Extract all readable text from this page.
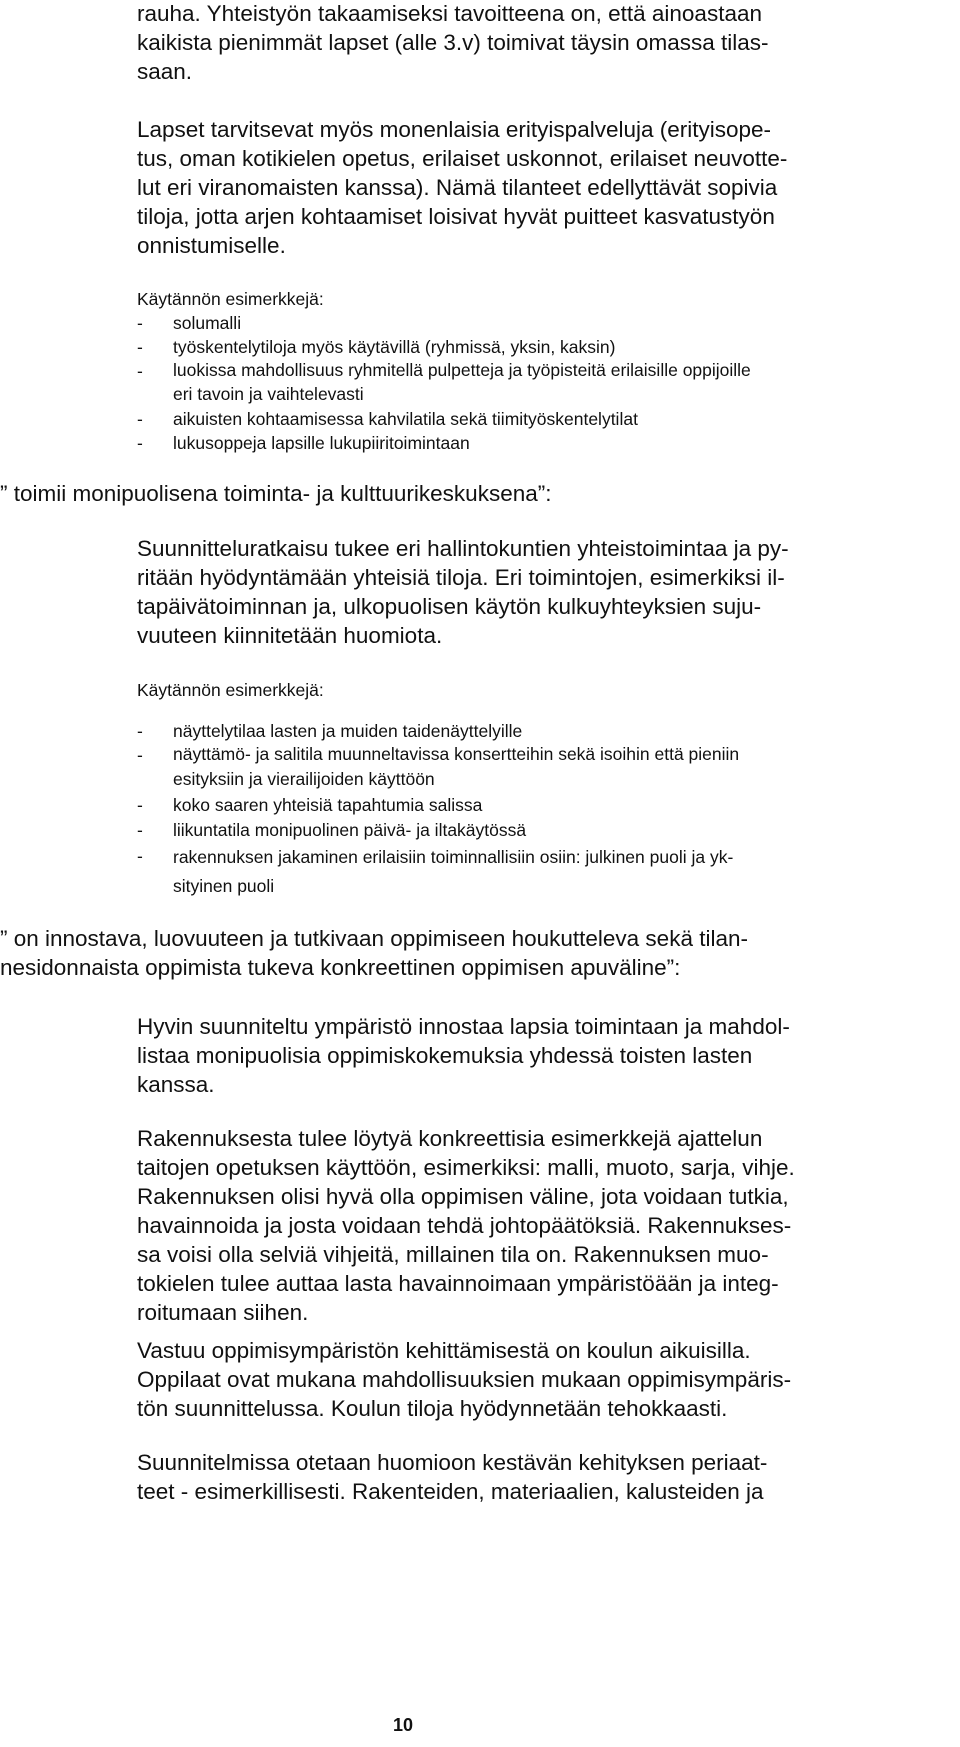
rauha. Yhteistyön takaamiseksi tavoitteena on, että ainoastaan
kaikista pienimmät lapset (alle 3.v) toimivat täysin omassa tilas-
saan.
Lapset tarvitsevat myös monenlaisia erityispalveluja (erityisope-
tus, oman kotikielen opetus, erilaiset uskonnot, erilaiset neuvotte-
lut eri viranomaisten kanssa). Nämä tilanteet edellyttävät sopivia
tiloja, jotta arjen kohtaamiset loisivat hyvät puitteet kasvatustyön
onnistumiselle.
Käytännön esimerkkejä:
- solumalli
- työskentelytiloja myös käytävillä (ryhmissä, yksin, kaksin)
- luokissa mahdollisuus ryhmitellä pulpetteja ja työpisteitä erilaisille oppijoille
eri tavoin ja vaihtelevasti
- aikuisten kohtaamisessa kahvilatila sekä tiimityöskentelytilat
- lukusoppeja lapsille lukupiiritoimintaan
” toimii monipuolisena toiminta- ja kulttuurikeskuksena”:
Suunnitteluratkaisu tukee eri hallintokuntien yhteistoimintaa ja py-
ritään hyödyntämään yhteisiä tiloja. Eri toimintojen, esimerkiksi il-
tapäivätoiminnan ja, ulkopuolisen käytön kulkuyhteyksien suju-
vuuteen kiinnitetään huomiota.
Käytännön esimerkkejä:
- näyttelytilaa lasten ja muiden taidenäyttelyille
- näyttämö- ja salitila muunneltavissa konsertteihin sekä isoihin että pieniin
esityksiin ja vierailijoiden käyttöön
- koko saaren yhteisiä tapahtumia salissa
- liikuntatila monipuolinen päivä- ja iltakäytössä
- rakennuksen jakaminen erilaisiin toiminnallisiin osiin: julkinen puoli ja yk-
sityinen puoli
” on innostava, luovuuteen ja tutkivaan oppimiseen houkutteleva sekä tilan-
nesidonnaista oppimista tukeva konkreettinen oppimisen apuväline”:
Hyvin suunniteltu ympäristö innostaa lapsia toimintaan ja mahdol-
listaa monipuolisia oppimiskokemuksia yhdessä toisten lasten
kanssa.
Rakennuksesta tulee löytyä konkreettisia esimerkkejä ajattelun
taitojen opetuksen käyttöön, esimerkiksi: malli, muoto, sarja, vihje.
Rakennuksen olisi hyvä olla oppimisen väline, jota voidaan tutkia,
havainnoida ja josta voidaan tehdä johtopäätöksiä. Rakennukses-
sa voisi olla selviä vihjeitä, millainen tila on. Rakennuksen muo-
tokielen tulee auttaa lasta havainnoimaan ympäristöään ja integ-
roitumaan siihen.
Vastuu oppimisympäristön kehittämisestä on koulun aikuisilla.
Oppilaat ovat mukana mahdollisuuksien mukaan oppimisympäris-
tön suunnittelussa. Koulun tiloja hyödynnetään tehokkaasti.
Suunnitelmissa otetaan huomioon kestävän kehityksen periaat-
teet - esimerkillisesti. Rakenteiden, materiaalien, kalusteiden ja
10
